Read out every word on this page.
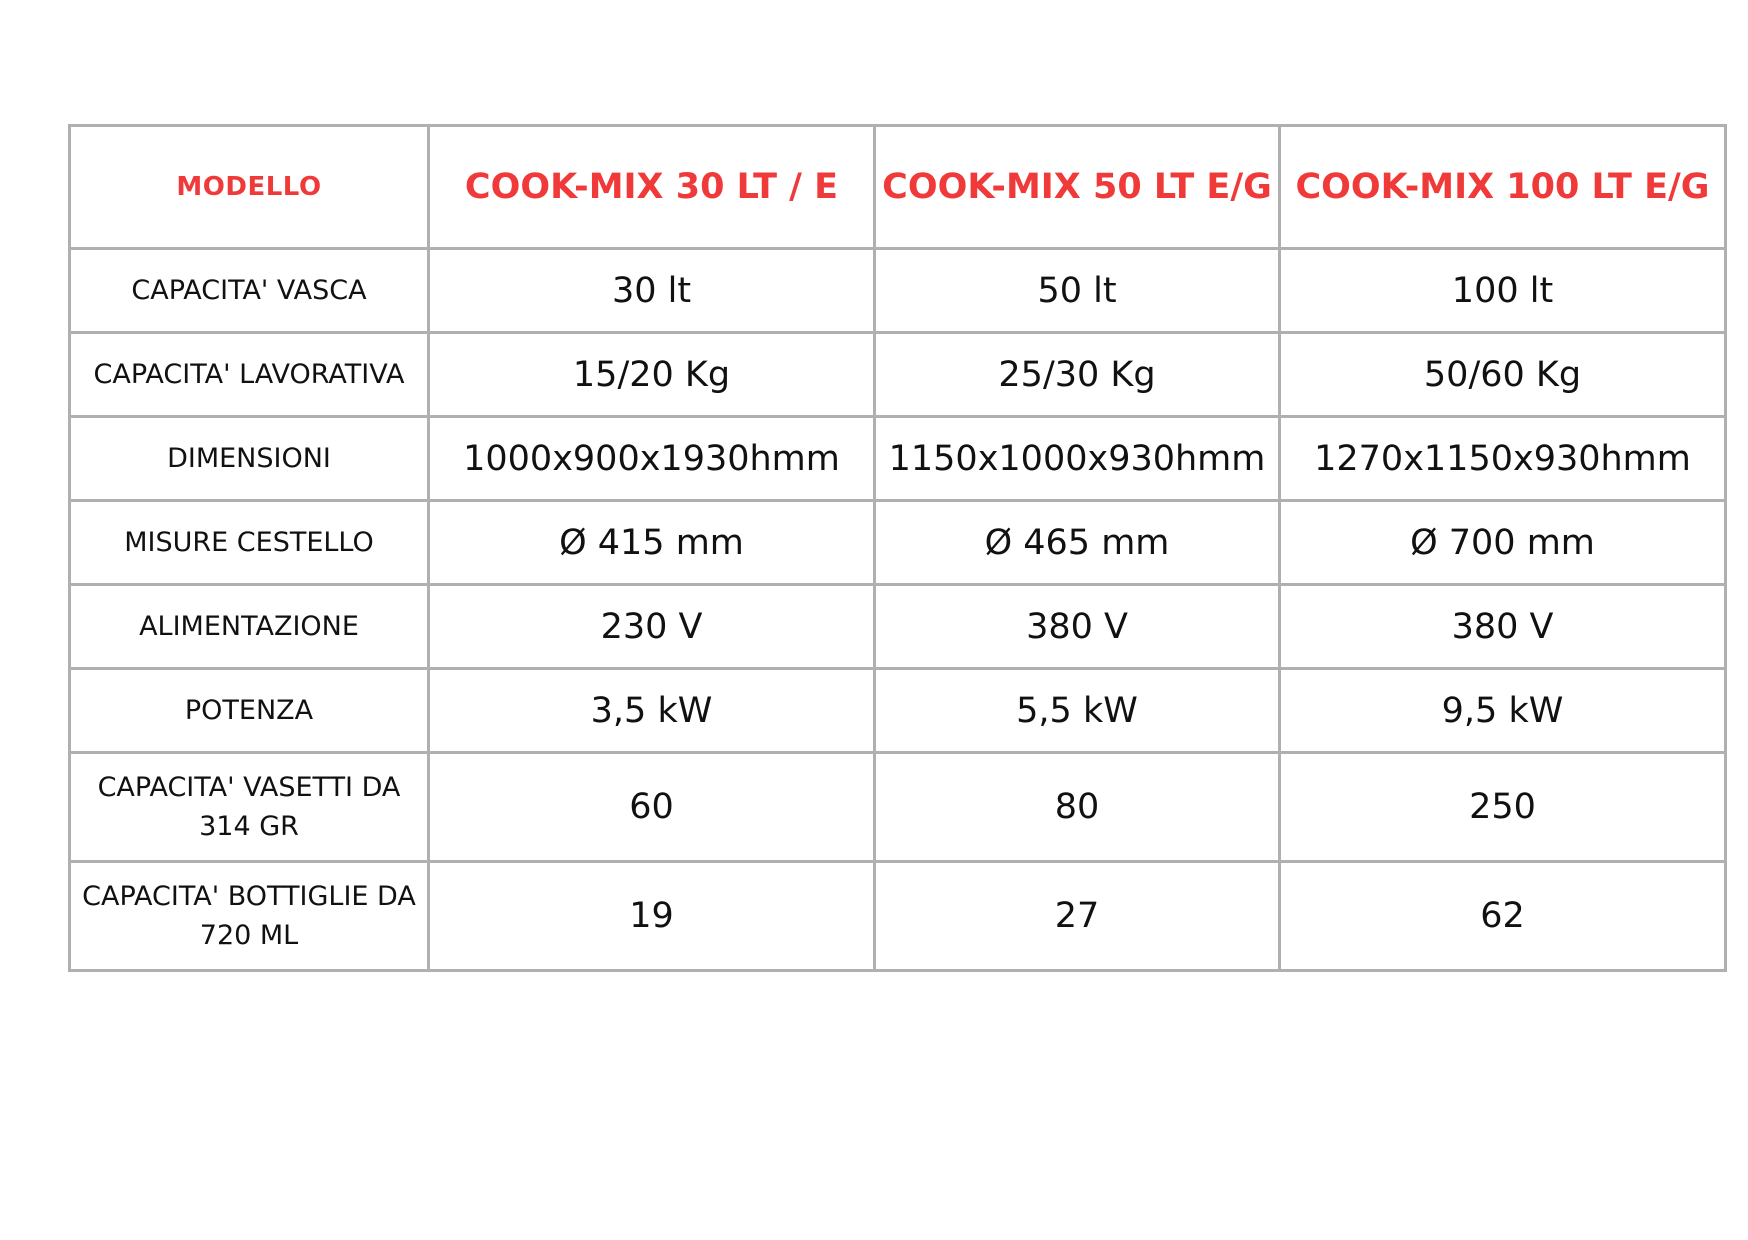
MODELLO	COOK-MIX 30 LT / E	COOK-MIX 50 LT E/G	COOK-MIX 100 LT E/G
CAPACITA' VASCA	30 lt	50 lt	100 lt
CAPACITA' LAVORATIVA	15/20 Kg	25/30 Kg	50/60 Kg
DIMENSIONI	1000x900x1930hmm	1150x1000x930hmm	1270x1150x930hmm
MISURE CESTELLO	Ø 415 mm	Ø 465 mm	Ø 700 mm
ALIMENTAZIONE	230 V	380 V	380 V
POTENZA	3,5 kW	5,5 kW	9,5 kW
CAPACITA' VASETTI DA 314 GR	60	80	250
CAPACITA' BOTTIGLIE DA 720 ML	19	27	62
